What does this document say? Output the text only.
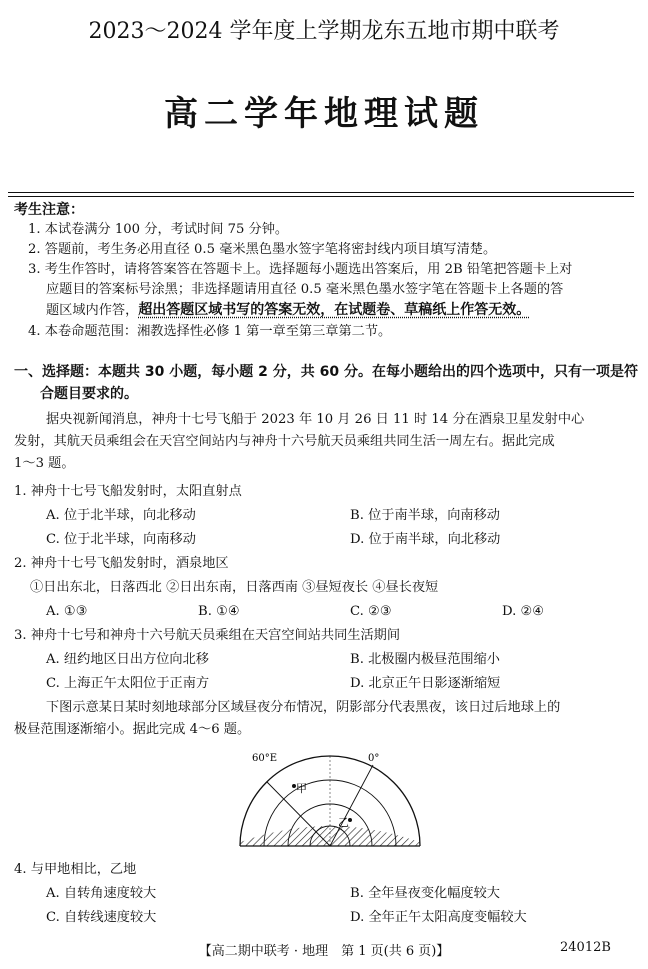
2023～2024 学年度上学期龙东五地市期中联考
高二学年地理试题
考生注意：
1. 本试卷满分 100 分，考试时间 75 分钟。
2. 答题前，考生务必用直径 0.5 毫米黑色墨水签字笔将密封线内项目填写清楚。
3. 考生作答时，请将答案答在答题卡上。选择题每小题选出答案后，用 2B 铅笔把答题卡上对
应题目的答案标号涂黑；非选择题请用直径 0.5 毫米黑色墨水签字笔在答题卡上各题的答
题区域内作答，超出答题区域书写的答案无效，在试题卷、草稿纸上作答无效。
4. 本卷命题范围：湘教选择性必修 1 第一章至第三章第二节。
一、选择题：本题共 30 小题，每小题 2 分，共 60 分。在每小题给出的四个选项中，只有一项是符
合题目要求的。
据央视新闻消息，神舟十七号飞船于 2023 年 10 月 26 日 11 时 14 分在酒泉卫星发射中心
发射，其航天员乘组会在天宫空间站内与神舟十六号航天员乘组共同生活一周左右。据此完成
1～3 题。
1. 神舟十七号飞船发射时，太阳直射点
A. 位于北半球，向北移动	B. 位于南半球，向南移动
C. 位于北半球，向南移动	D. 位于南半球，向北移动
2. 神舟十七号飞船发射时，酒泉地区
①日出东北，日落西北 ②日出东南，日落西南 ③昼短夜长 ④昼长夜短
A. ①③	B. ①④	C. ②③	D. ②④
3. 神舟十七号和神舟十六号航天员乘组在天宫空间站共同生活期间
A. 纽约地区日出方位向北移	B. 北极圈内极昼范围缩小
C. 上海正午太阳位于正南方	D. 北京正午日影逐渐缩短
下图示意某日某时刻地球部分区域昼夜分布情况，阴影部分代表黑夜，该日过后地球上的
极昼范围逐渐缩小。据此完成 4～6 题。
60°E	0°
甲
乙
4. 与甲地相比，乙地
A. 自转角速度较大	B. 全年昼夜变化幅度较大
C. 自转线速度较大	D. 全年正午太阳高度变幅较大
【高二期中联考 · 地理　第 1 页(共 6 页)】	24012B
